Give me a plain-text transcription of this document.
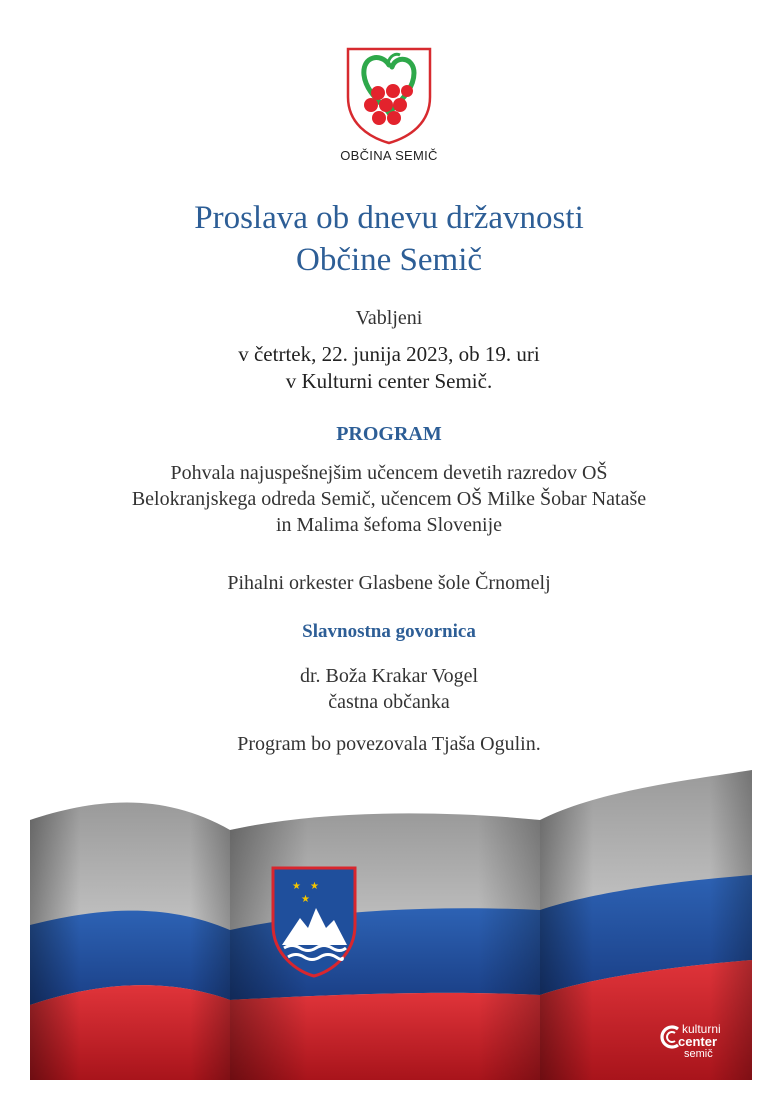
OBČINA SEMIČ
Proslava ob dnevu državnosti
Občine Semič
Vabljeni
v četrtek, 22. junija 2023, ob 19. uri
v Kulturni center Semič.
PROGRAM
Pohvala najuspešnejšim učencem devetih razredov OŠ
Belokranjskega odreda Semič, učencem OŠ Milke Šobar Nataše
in Malima šefoma Slovenije
Pihalni orkester Glasbene šole Črnomelj
Slavnostna govornica
dr. Boža Krakar Vogel
častna občanka
Program bo povezovala Tjaša Ogulin.
★ ★
★
kulturni
center
semič
